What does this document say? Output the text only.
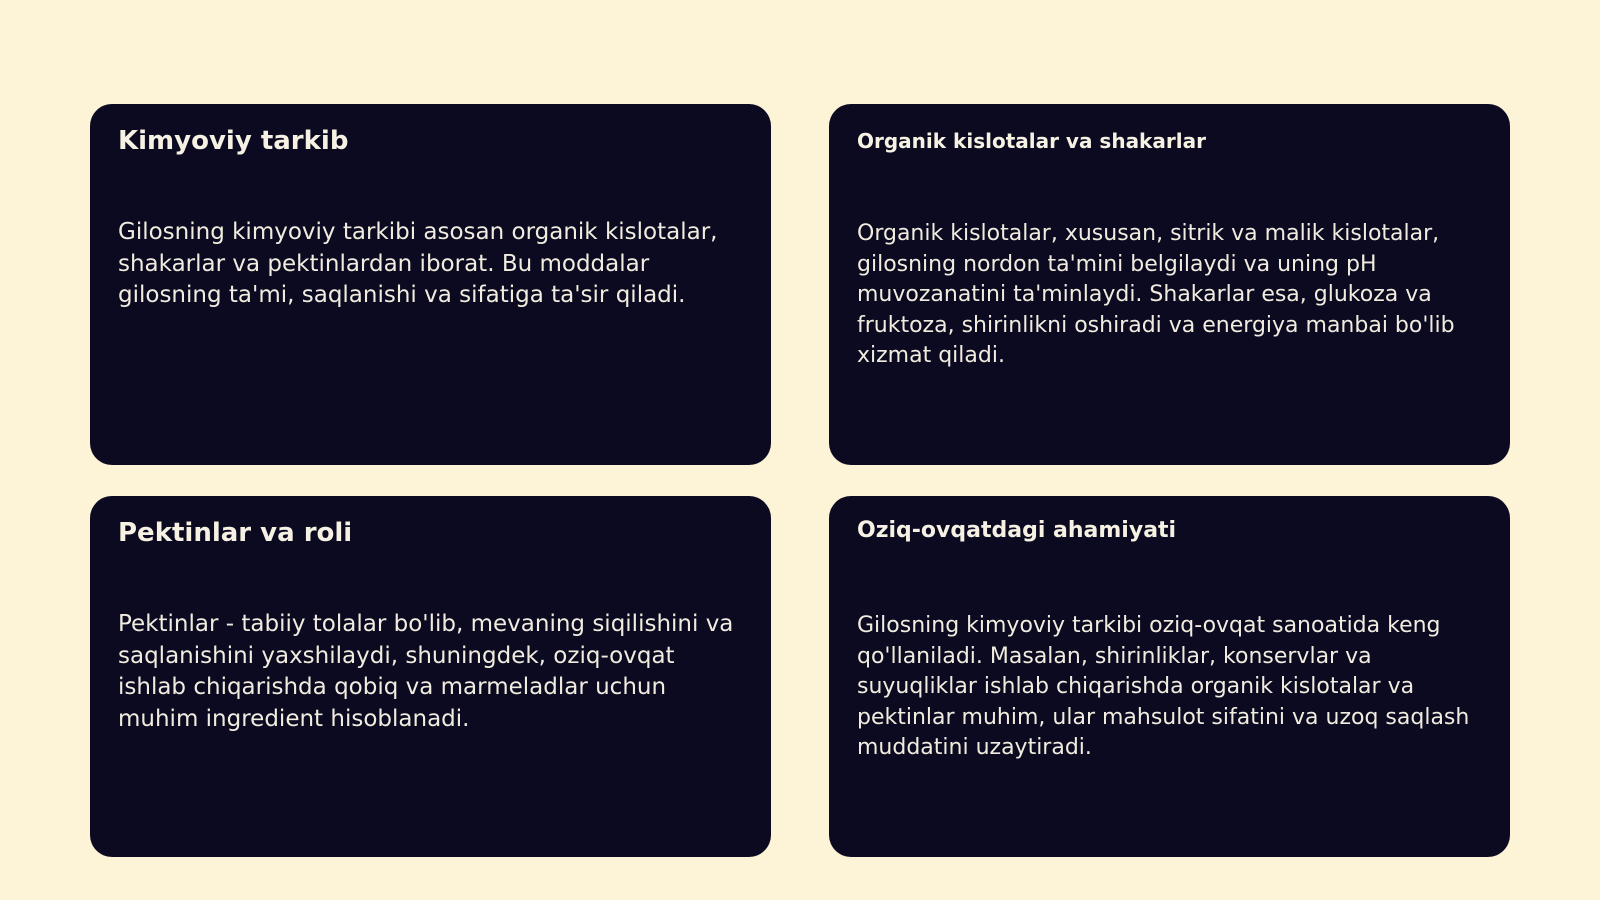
Kimyoviy tarkib

Gilosning kimyoviy tarkibi asosan organik kislotalar, shakarlar va pektinlardan iborat. Bu moddalar gilosning ta'mi, saqlanishi va sifatiga ta'sir qiladi.

Organik kislotalar va shakarlar

Organik kislotalar, xususan, sitrik va malik kislotalar, gilosning nordon ta'mini belgilaydi va uning pH muvozanatini ta'minlaydi. Shakarlar esa, glukoza va fruktoza, shirinlikni oshiradi va energiya manbai bo'lib xizmat qiladi.

Pektinlar va roli

Pektinlar - tabiiy tolalar bo'lib, mevaning siqilishini va saqlanishini yaxshilaydi, shuningdek, oziq-ovqat ishlab chiqarishda qobiq va marmeladlar uchun muhim ingredient hisoblanadi.

Oziq-ovqatdagi ahamiyati

Gilosning kimyoviy tarkibi oziq-ovqat sanoatida keng qo'llaniladi. Masalan, shirinliklar, konservlar va suyuqliklar ishlab chiqarishda organik kislotalar va pektinlar muhim, ular mahsulot sifatini va uzoq saqlash muddatini uzaytiradi.
